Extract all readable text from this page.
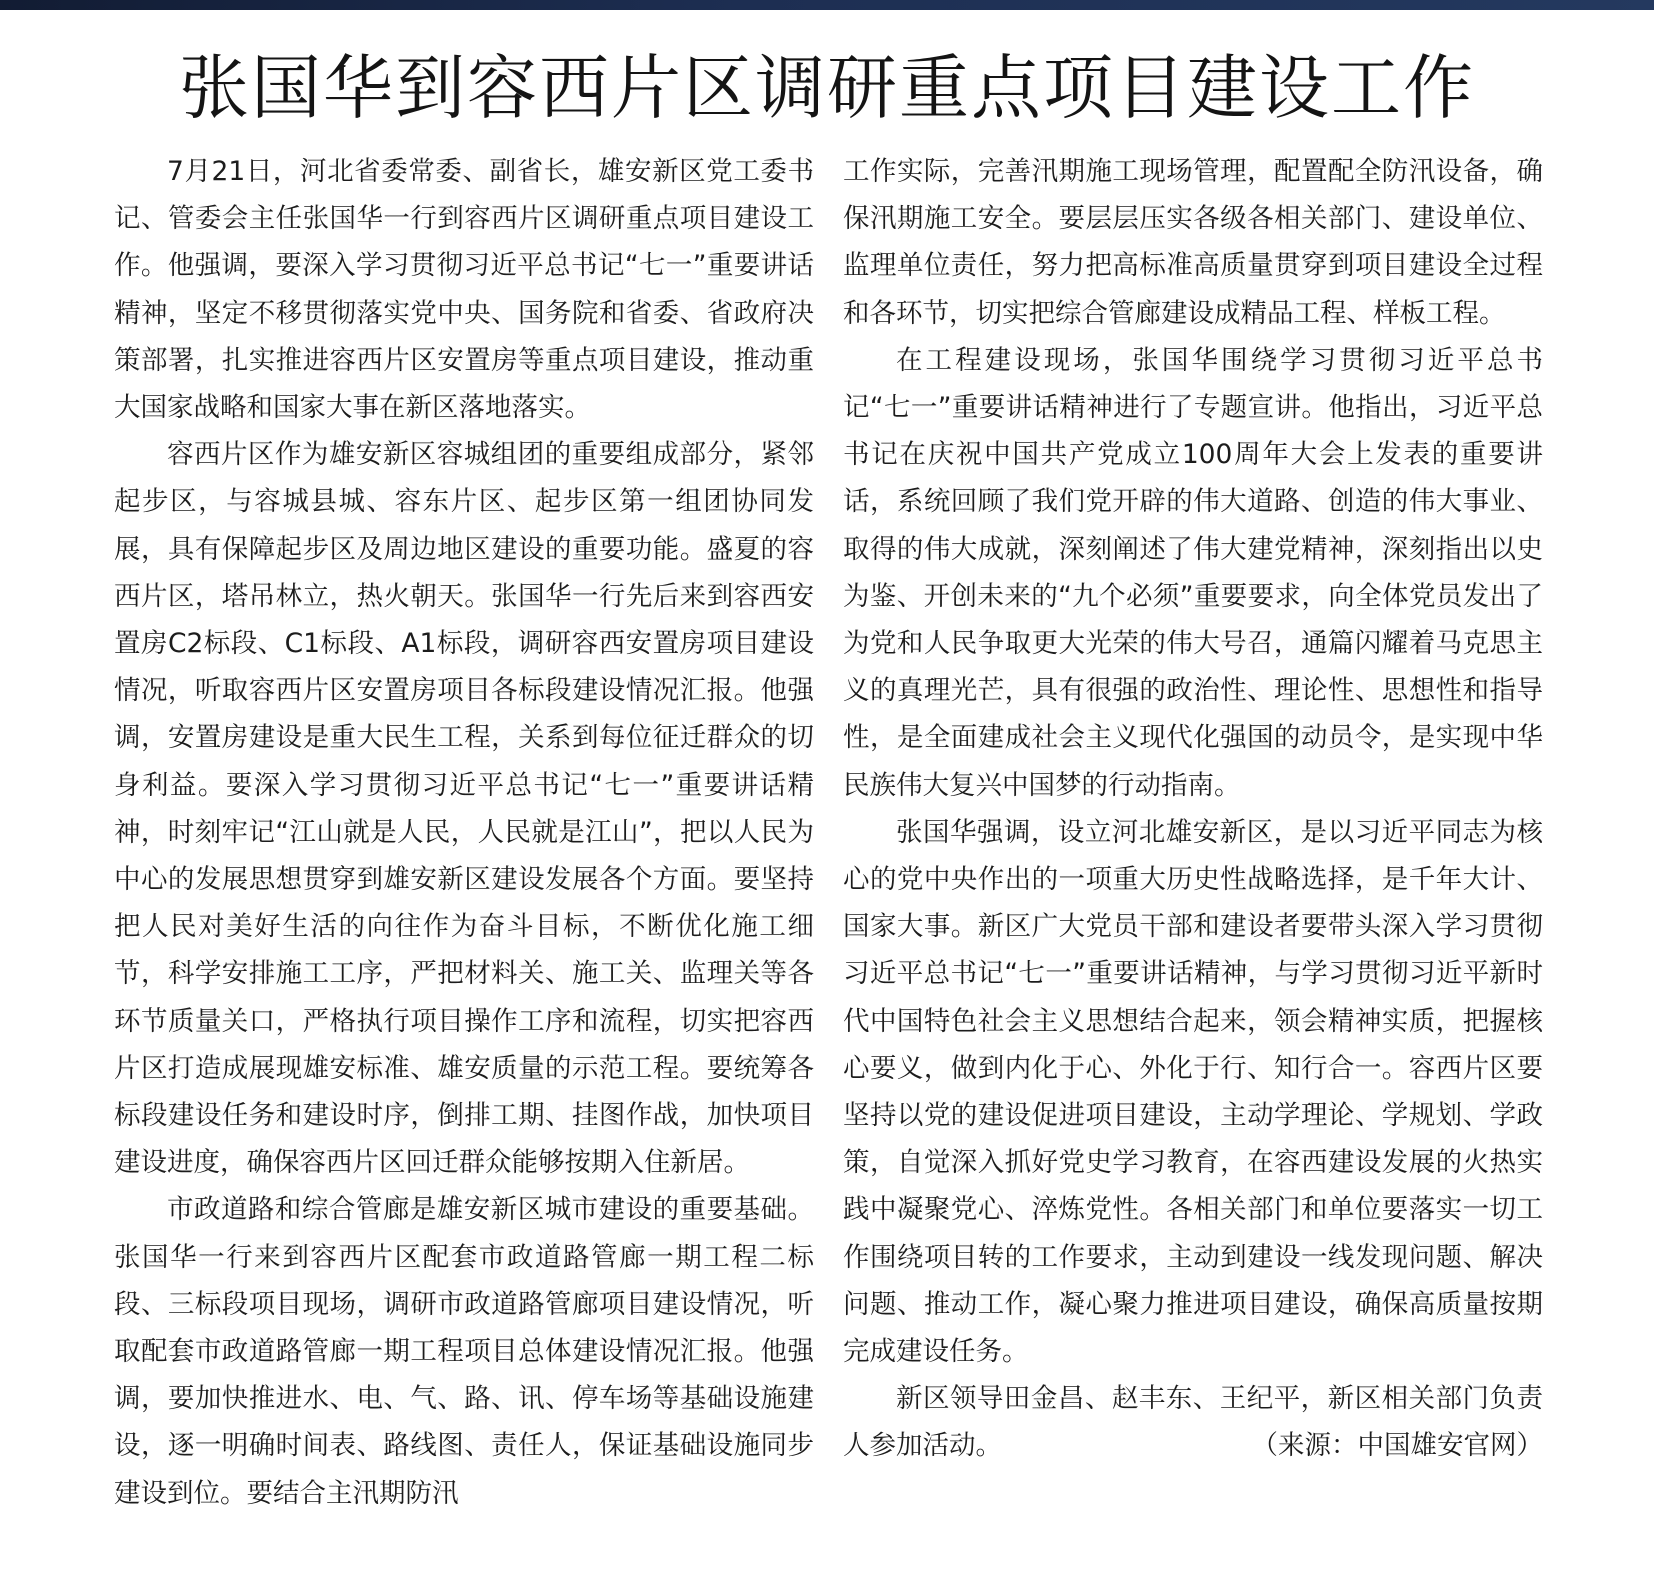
张国华到容西片区调研重点项目建设工作

7月21日，河北省委常委、副省长，雄安新区党工委书记、管委会主任张国华一行到容西片区调研重点项目建设工作。他强调，要深入学习贯彻习近平总书记“七一”重要讲话精神，坚定不移贯彻落实党中央、国务院和省委、省政府决策部署，扎实推进容西片区安置房等重点项目建设，推动重大国家战略和国家大事在新区落地落实。

容西片区作为雄安新区容城组团的重要组成部分，紧邻起步区，与容城县城、容东片区、起步区第一组团协同发展，具有保障起步区及周边地区建设的重要功能。盛夏的容西片区，塔吊林立，热火朝天。张国华一行先后来到容西安置房C2标段、C1标段、A1标段，调研容西安置房项目建设情况，听取容西片区安置房项目各标段建设情况汇报。他强调，安置房建设是重大民生工程，关系到每位征迁群众的切身利益。要深入学习贯彻习近平总书记“七一”重要讲话精神，时刻牢记“江山就是人民，人民就是江山”，把以人民为中心的发展思想贯穿到雄安新区建设发展各个方面。要坚持把人民对美好生活的向往作为奋斗目标，不断优化施工细节，科学安排施工工序，严把材料关、施工关、监理关等各环节质量关口，严格执行项目操作工序和流程，切实把容西片区打造成展现雄安标准、雄安质量的示范工程。要统筹各标段建设任务和建设时序，倒排工期、挂图作战，加快项目建设进度，确保容西片区回迁群众能够按期入住新居。

市政道路和综合管廊是雄安新区城市建设的重要基础。张国华一行来到容西片区配套市政道路管廊一期工程二标段、三标段项目现场，调研市政道路管廊项目建设情况，听取配套市政道路管廊一期工程项目总体建设情况汇报。他强调，要加快推进水、电、气、路、讯、停车场等基础设施建设，逐一明确时间表、路线图、责任人，保证基础设施同步建设到位。要结合主汛期防汛

工作实际，完善汛期施工现场管理，配置配全防汛设备，确保汛期施工安全。要层层压实各级各相关部门、建设单位、监理单位责任，努力把高标准高质量贯穿到项目建设全过程和各环节，切实把综合管廊建设成精品工程、样板工程。

在工程建设现场，张国华围绕学习贯彻习近平总书记“七一”重要讲话精神进行了专题宣讲。他指出，习近平总书记在庆祝中国共产党成立100周年大会上发表的重要讲话，系统回顾了我们党开辟的伟大道路、创造的伟大事业、取得的伟大成就，深刻阐述了伟大建党精神，深刻指出以史为鉴、开创未来的“九个必须”重要要求，向全体党员发出了为党和人民争取更大光荣的伟大号召，通篇闪耀着马克思主义的真理光芒，具有很强的政治性、理论性、思想性和指导性，是全面建成社会主义现代化强国的动员令，是实现中华民族伟大复兴中国梦的行动指南。

张国华强调，设立河北雄安新区，是以习近平同志为核心的党中央作出的一项重大历史性战略选择，是千年大计、国家大事。新区广大党员干部和建设者要带头深入学习贯彻习近平总书记“七一”重要讲话精神，与学习贯彻习近平新时代中国特色社会主义思想结合起来，领会精神实质，把握核心要义，做到内化于心、外化于行、知行合一。容西片区要坚持以党的建设促进项目建设，主动学理论、学规划、学政策，自觉深入抓好党史学习教育，在容西建设发展的火热实践中凝聚党心、淬炼党性。各相关部门和单位要落实一切工作围绕项目转的工作要求，主动到建设一线发现问题、解决问题、推动工作，凝心聚力推进项目建设，确保高质量按期完成建设任务。

新区领导田金昌、赵丰东、王纪平，新区相关部门负责人参加活动。	（来源：中国雄安官网）
